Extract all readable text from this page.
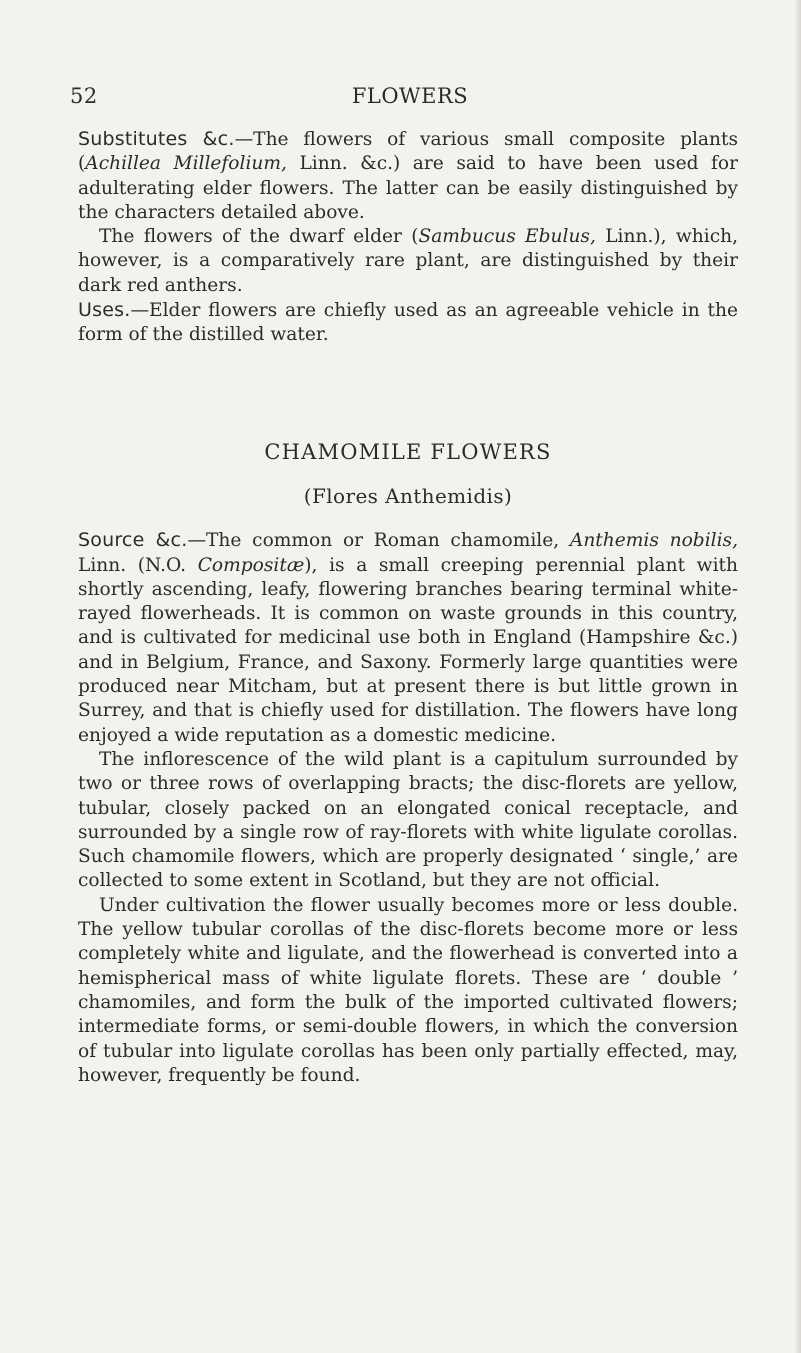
52	FLOWERS

Substitutes &c.—The flowers of various small composite plants (Achillea Millefolium, Linn. &c.) are said to have been used for adulterating elder flowers. The latter can be easily distinguished by the characters detailed above.

The flowers of the dwarf elder (Sambucus Ebulus, Linn.), which, however, is a comparatively rare plant, are distinguished by their dark red anthers.

Uses.—Elder flowers are chiefly used as an agreeable vehicle in the form of the distilled water.

CHAMOMILE FLOWERS
(Flores Anthemidis)

Source &c.—The common or Roman chamomile, Anthemis nobilis, Linn. (N.O. Compositæ), is a small creeping perennial plant with shortly ascending, leafy, flowering branches bearing terminal white-rayed flowerheads. It is common on waste grounds in this country, and is cultivated for medicinal use both in England (Hampshire &c.) and in Belgium, France, and Saxony. Formerly large quantities were produced near Mitcham, but at present there is but little grown in Surrey, and that is chiefly used for distillation. The flowers have long enjoyed a wide reputation as a domestic medicine.

The inflorescence of the wild plant is a capitulum surrounded by two or three rows of overlapping bracts; the disc-florets are yellow, tubular, closely packed on an elongated conical receptacle, and surrounded by a single row of ray-florets with white ligulate corollas. Such chamomile flowers, which are properly designated ‘ single,’ are collected to some extent in Scotland, but they are not official.

Under cultivation the flower usually becomes more or less double. The yellow tubular corollas of the disc-florets become more or less completely white and ligulate, and the flowerhead is converted into a hemispherical mass of white ligulate florets. These are ‘ double ’ chamomiles, and form the bulk of the imported cultivated flowers; intermediate forms, or semi-double flowers, in which the conversion of tubular into ligulate corollas has been only partially effected, may, however, frequently be found.
